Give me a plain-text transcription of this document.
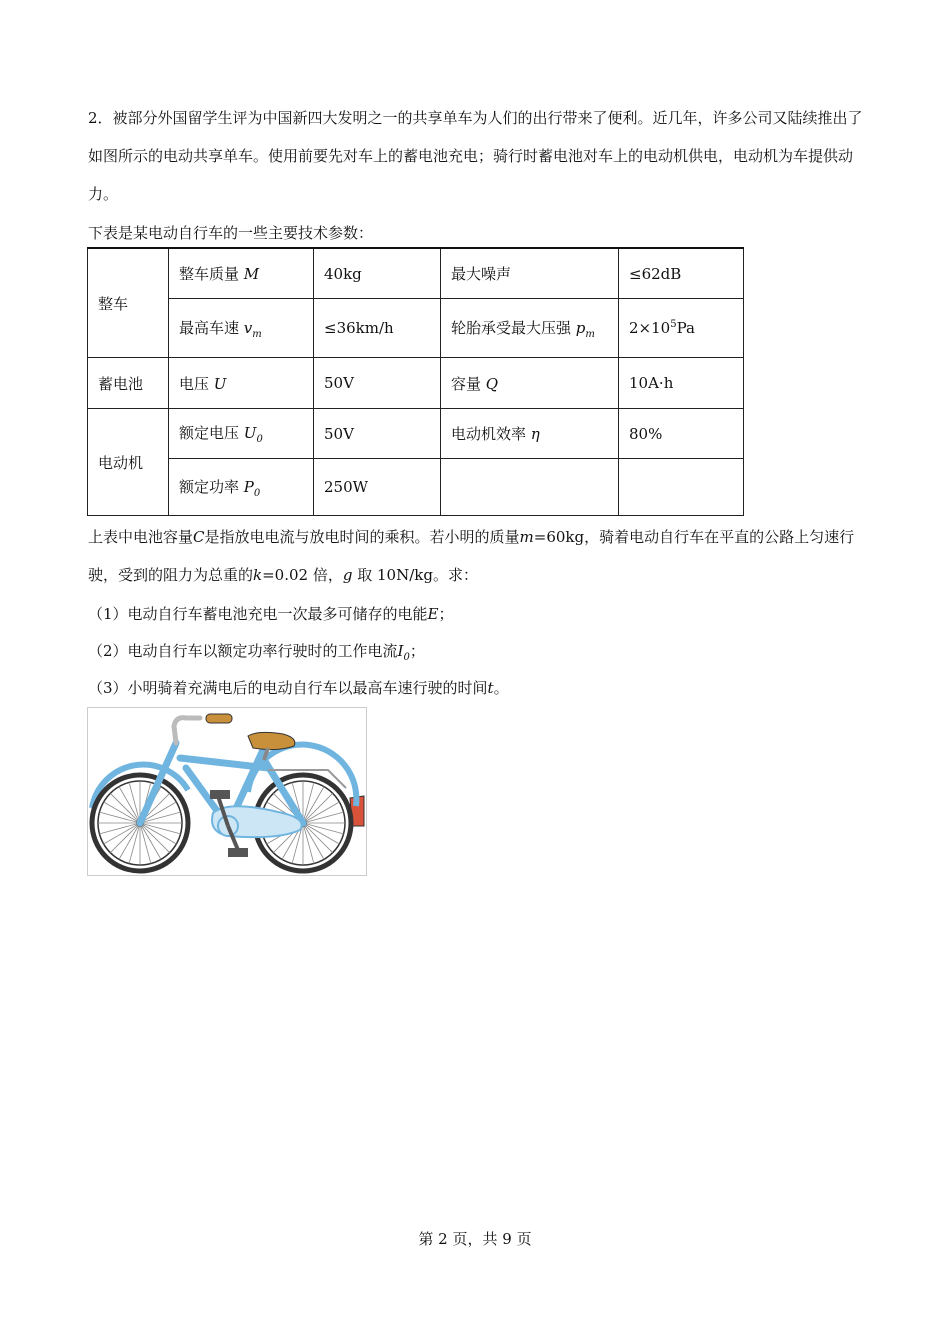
2．被部分外国留学生评为中国新四大发明之一的共享单车为人们的出行带来了便利。近几年，许多公司又陆续推出了如图所示的电动共享单车。使用前要先对车上的蓄电池充电；骑行时蓄电池对车上的电动机供电，电动机为车提供动力。
下表是某电动自行车的一些主要技术参数：
整车	整车质量 M	40kg	最大噪声	≤62dB
	最高车速 $v_m$	≤36km/h	轮胎承受最大压强 $p_m$	$2\times 10^5Pa$
蓄电池	电压 U	50V	容量 Q	10A·h
电动机	额定电压 $U_0$	50V	电动机效率 η	80%
	额定功率 $P_0$	250W		
上表中电池容量C是指放电电流与放电时间的乘积。若小明的质量m=60kg，骑着电动自行车在平直的公路上匀速行驶，受到的阻力为总重的k=0.02 倍，g 取 10N/kg。求：
（1）电动自行车蓄电池充电一次最多可储存的电能E；
（2）电动自行车以额定功率行驶时的工作电流$I_0$；
（3）小明骑着充满电后的电动自行车以最高车速行驶的时间t。
第 2 页，共 9 页
